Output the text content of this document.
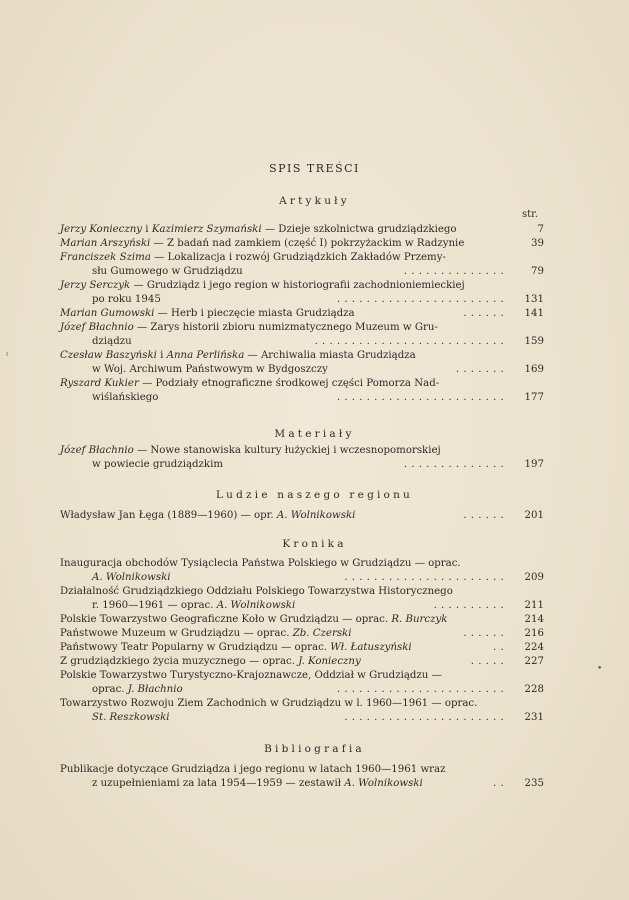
SPIS TREŚCI
Artykuły
str.
Jerzy Konieczny i Kazimierz Szymański — Dzieje szkolnictwa grudziądzkiego	7
Marian Arszyński — Z badań nad zamkiem (część I) pokrzyżackim w Radzynie	39
Franciszek Szima — Lokalizacja i rozwój Grudziądzkich Zakładów Przemy-
słu Gumowego w Grudziądzu	..............	79
Jerzy Serczyk — Grudziądz i jego region w historiografii zachodnioniemieckiej
po roku 1945	.......................	131
Marian Gumowski — Herb i pieczęcie miasta Grudziądza	......	141
Józef Błachnio — Zarys historii zbioru numizmatycznego Muzeum w Gru-
dziądzu	..........................	159
Czesław Baszyński i Anna Perlińska — Archiwalia miasta Grudziądza
w Woj. Archiwum Państwowym w Bydgoszczy	.......	169
Ryszard Kukier — Podziały etnograficzne środkowej części Pomorza Nad-
wiślańskiego	.......................	177
Materiały
Józef Błachnio — Nowe stanowiska kultury łużyckiej i wczesnopomorskiej
w powiecie grudziądzkim	..............	197
Ludzie naszego regionu
Władysław Jan Łęga (1889—1960) — opr. A. Wolnikowski	......	201
Kronika
Inauguracja obchodów Tysiąclecia Państwa Polskiego w Grudziądzu — oprac.
A. Wolnikowski	......................	209
Działalność Grudziądzkiego Oddziału Polskiego Towarzystwa Historycznego
r. 1960—1961 — oprac. A. Wolnikowski	..........	211
Polskie Towarzystwo Geograficzne Koło w Grudziądzu — oprac. R. Burczyk	214
Państwowe Muzeum w Grudziądzu — oprac. Zb. Czerski	......	216
Państwowy Teatr Popularny w Grudziądzu — oprac. Wł. Łatuszyński	..	224
Z grudziądzkiego życia muzycznego — oprac. J. Konieczny	.....	227
Polskie Towarzystwo Turystyczno-Krajoznawcze, Oddział w Grudziądzu —
oprac. J. Błachnio	.......................	228
Towarzystwo Rozwoju Ziem Zachodnich w Grudziądzu w l. 1960—1961 — oprac.
St. Reszkowski	......................	231
Bibliografia
Publikacje dotyczące Grudziądza i jego regionu w latach 1960—1961 wraz
z uzupełnieniami za lata 1954—1959 — zestawił A. Wolnikowski	..	235
ˀ
•
